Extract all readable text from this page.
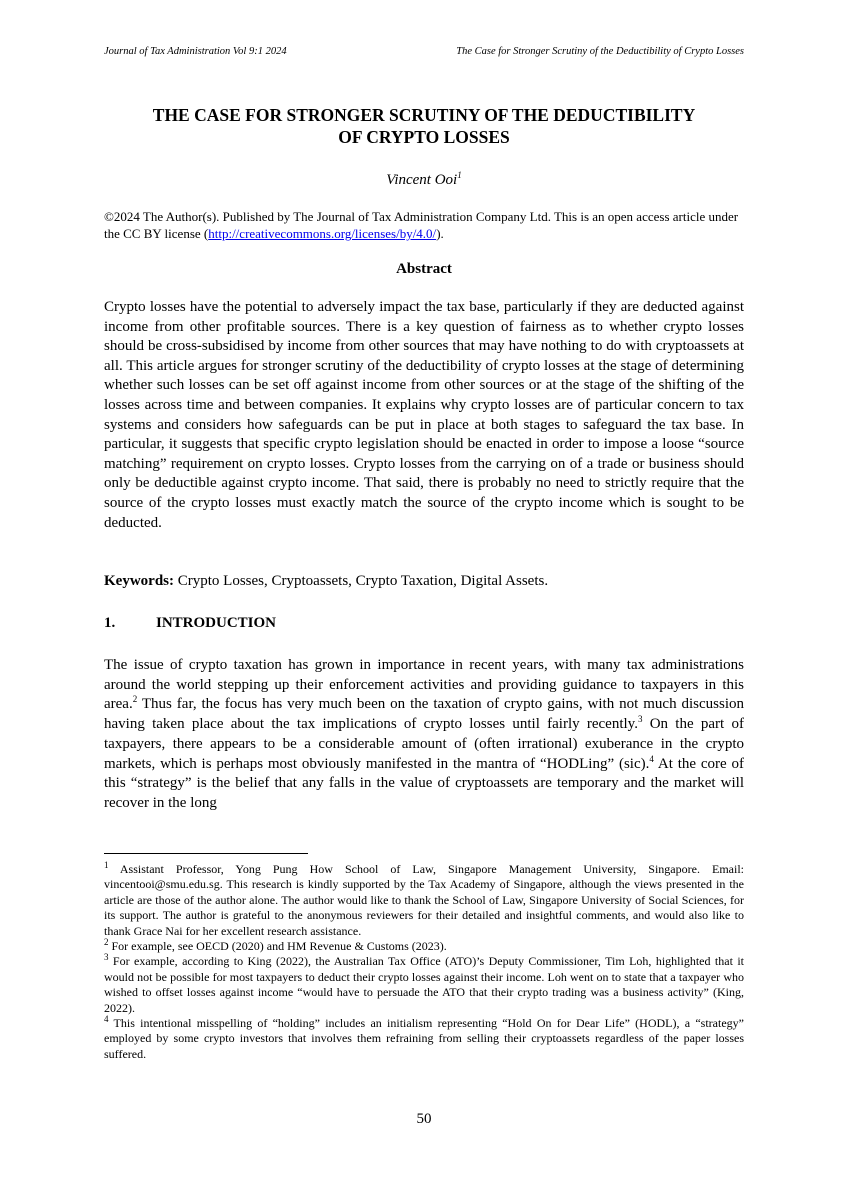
Journal of Tax Administration Vol 9:1 2024	The Case for Stronger Scrutiny of the Deductibility of Crypto Losses
THE CASE FOR STRONGER SCRUTINY OF THE DEDUCTIBILITY
OF CRYPTO LOSSES
Vincent Ooi$^1$

©2024 The Author(s). Published by The Journal of Tax Administration Company Ltd. This is an open access article under the CC BY license (http://creativecommons.org/licenses/by/4.0/).

Abstract

Crypto losses have the potential to adversely impact the tax base, particularly if they are deducted against income from other profitable sources. There is a key question of fairness as to whether crypto losses should be cross-subsidised by income from other sources that may have nothing to do with cryptoassets at all. This article argues for stronger scrutiny of the deductibility of crypto losses at the stage of determining whether such losses can be set off against income from other sources or at the stage of the shifting of the losses across time and between companies. It explains why crypto losses are of particular concern to tax systems and considers how safeguards can be put in place at both stages to safeguard the tax base. In particular, it suggests that specific crypto legislation should be enacted in order to impose a loose “source matching” requirement on crypto losses. Crypto losses from the carrying on of a trade or business should only be deductible against crypto income. That said, there is probably no need to strictly require that the source of the crypto losses must exactly match the source of the crypto income which is sought to be deducted.

Keywords: Crypto Losses, Cryptoassets, Crypto Taxation, Digital Assets.

1.	INTRODUCTION

The issue of crypto taxation has grown in importance in recent years, with many tax administrations around the world stepping up their enforcement activities and providing guidance to taxpayers in this area.$^2$ Thus far, the focus has very much been on the taxation of crypto gains, with not much discussion having taken place about the tax implications of crypto losses until fairly recently.$^3$ On the part of taxpayers, there appears to be a considerable amount of (often irrational) exuberance in the crypto markets, which is perhaps most obviously manifested in the mantra of “HODLing” (sic).$^4$ At the core of this “strategy” is the belief that any falls in the value of cryptoassets are temporary and the market will recover in the long

$^1$ Assistant Professor, Yong Pung How School of Law, Singapore Management University, Singapore. Email: vincentooi@smu.edu.sg. This research is kindly supported by the Tax Academy of Singapore, although the views presented in the article are those of the author alone. The author would like to thank the School of Law, Singapore University of Social Sciences, for its support. The author is grateful to the anonymous reviewers for their detailed and insightful comments, and would also like to thank Grace Nai for her excellent research assistance.

$^2$ For example, see OECD (2020) and HM Revenue & Customs (2023).

$^3$ For example, according to King (2022), the Australian Tax Office (ATO)’s Deputy Commissioner, Tim Loh, highlighted that it would not be possible for most taxpayers to deduct their crypto losses against their income. Loh went on to state that a taxpayer who wished to offset losses against income “would have to persuade the ATO that their crypto trading was a business activity” (King, 2022).

$^4$ This intentional misspelling of “holding” includes an initialism representing “Hold On for Dear Life” (HODL), a “strategy” employed by some crypto investors that involves them refraining from selling their cryptoassets regardless of the paper losses suffered.

50
